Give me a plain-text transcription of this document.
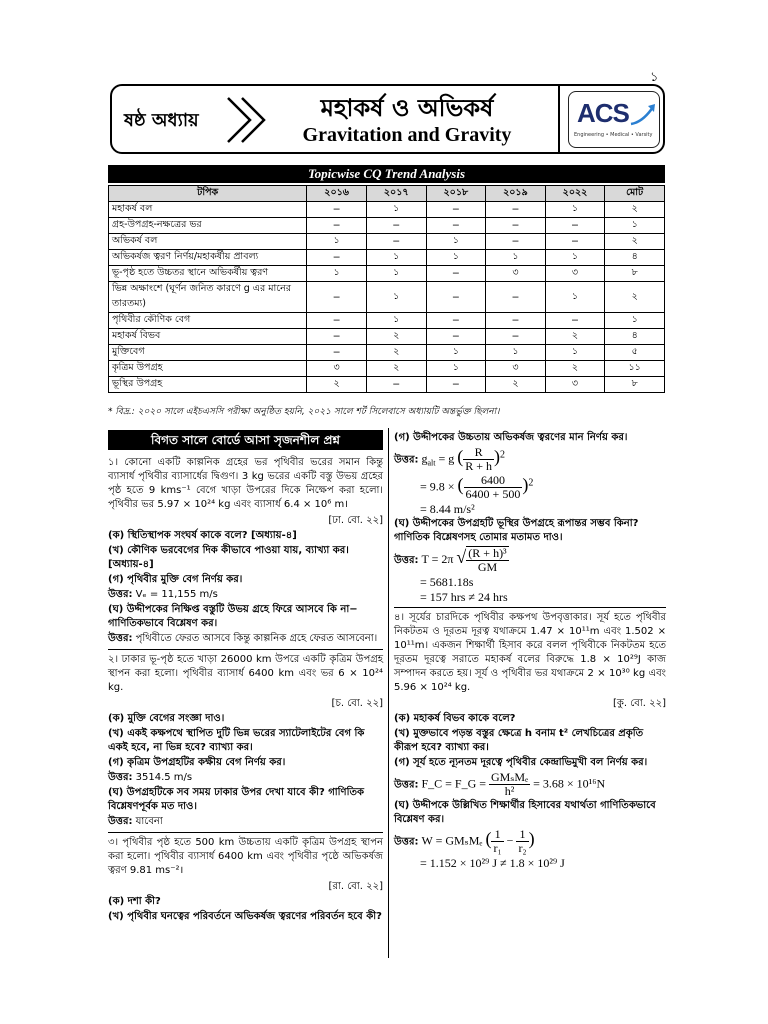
১
ষষ্ঠ অধ্যায়	মহাকর্ষ ও অভিকর্ষ
Gravitation and Gravity
ACS
Engineering • Medical • Varsity
Topicwise CQ Trend Analysis
টপিক	২০১৬	২০১৭	২০১৮	২০১৯	২০২২	মোট
মহাকর্ষ বল	−	১	−	−	১	২
গ্রহ-উপগ্রহ-নক্ষত্রের ভর	−	−	−	−	−	১
অভিকর্ষ বল	১	−	১	−	−	২
অভিকর্ষজ ত্বরণ নির্ণয়/মহাকর্ষীয় প্রাবল্য	−	১	১	১	১	৪
ভূ-পৃষ্ঠ হতে উচ্চতর স্থানে অভিকর্ষীয় ত্বরণ	১	১	−	৩	৩	৮
ভিন্ন অক্ষাংশে (ঘূর্ণন জনিত কারণে g এর মানের তারতম্য)	−	১	−	−	১	২
পৃথিবীর কৌণিক বেগ	−	১	−	−	−	১
মহাকর্ষ বিভব	−	২	−	−	২	৪
মুক্তিবেগ	−	২	১	১	১	৫
কৃত্রিম উপগ্রহ	৩	২	১	৩	২	১১
ভূস্থির উপগ্রহ	২	−	−	২	৩	৮
* বিদ্র.: ২০২০ সালে এইচএসসি পরীক্ষা অনুষ্ঠিত হয়নি, ২০২১ সালে শর্ট সিলেবাসে অধ্যায়টি অন্তর্ভুক্ত ছিলনা।
বিগত সালে বোর্ডে আসা সৃজনশীল প্রশ্ন
১। কোনো একটি কাল্পনিক গ্রহের ভর পৃথিবীর ভরের সমান কিন্তু ব্যাসার্ধ পৃথিবীর ব্যাসার্ধের দ্বিগুণ। 3 kg ভরের একটি বস্তু উভয় গ্রহের পৃষ্ঠ হতে 9 kms⁻¹ বেগে খাড়া উপরের দিকে নিক্ষেপ করা হলো। পৃথিবীর ভর 5.97 × 10²⁴ kg এবং ব্যাসার্ধ 6.4 × 10⁶ m।
[ঢা. বো. ২২]
(ক) স্থিতিস্থাপক সংঘর্ষ কাকে বলে? [অধ্যায়-৪]
(খ) কৌণিক ভরবেগের দিক কীভাবে পাওয়া যায়, ব্যাখ্যা কর। [অধ্যায়-৪]
(গ) পৃথিবীর মুক্তি বেগ নির্ণয় কর।
উত্তর: Vₑ = 11,155 m/s
(ঘ) উদ্দীপকের নিক্ষিপ্ত বস্তুটি উভয় গ্রহে ফিরে আসবে কি না− গাণিতিকভাবে বিশ্লেষণ কর।
উত্তর: পৃথিবীতে ফেরত আসবে কিন্তু কাল্পনিক গ্রহে ফেরত আসবেনা।
২। ঢাকার ভূ-পৃষ্ঠ হতে খাড়া 26000 km উপরে একটি কৃত্রিম উপগ্রহ স্থাপন করা হলো। পৃথিবীর ব্যাসার্ধ 6400 km এবং ভর 6 × 10²⁴ kg.
[চ. বো. ২২]
(ক) মুক্তি বেগের সংজ্ঞা দাও।
(খ) একই কক্ষপথে স্থাপিত দুটি ভিন্ন ভরের স্যাটেলাইটের বেগ কি একই হবে, না ভিন্ন হবে? ব্যাখ্যা কর।
(গ) কৃত্রিম উপগ্রহটির কক্ষীয় বেগ নির্ণয় কর।
উত্তর: 3514.5 m/s
(ঘ) উপগ্রহটিকে সব সময় ঢাকার উপর দেখা যাবে কী? গাণিতিক বিশ্লেষণপূর্বক মত দাও।
উত্তর: যাবেনা
৩। পৃথিবীর পৃষ্ঠ হতে 500 km উচ্চতায় একটি কৃত্রিম উপগ্রহ স্থাপন করা হলো। পৃথিবীর ব্যাসার্ধ 6400 km এবং পৃথিবীর পৃষ্ঠে অভিকর্ষজ ত্বরণ 9.81 ms⁻²।
[রা. বো. ২২]
(ক) দশা কী?
(খ) পৃথিবীর ঘনত্বের পরিবর্তনে অভিকর্ষজ ত্বরণের পরিবর্তন হবে কী?
(গ) উদ্দীপকের উচ্চতায় অভিকর্ষজ ত্বরণের মান নির্ণয় কর।
উত্তর: $g_{alt} = g$ ( $\frac{R}{R + h} )^2$
= 9.8 × ( $\frac{6400}{6400 + 500} )^2$
= 8.44 m/s²
(ঘ) উদ্দীপকের উপগ্রহটি ভূস্থির উপগ্রহে রূপান্তর সম্ভব কিনা? গাণিতিক বিশ্লেষণসহ তোমার মতামত দাও।
উত্তর: T = 2π √ $\frac{\text{(R + h)³}}{GM}$
= 5681.18s
= 157 hrs ≠ 24 hrs
৪। সূর্যের চারদিকে পৃথিবীর কক্ষপথ উপবৃত্তাকার। সূর্য হতে পৃথিবীর নিকটতম ও দূরতম দূরত্ব যথাক্রমে 1.47 × 10¹¹m এবং 1.502 × 10¹¹m। একজন শিক্ষার্থী হিসাব করে বলল পৃথিবীকে নিকটতম হতে দূরতম দূরত্বে সরাতে মহাকর্ষ বলের বিরুদ্ধে 1.8 × 10²⁹J কাজ সম্পাদন করতে হয়। সূর্য ও পৃথিবীর ভর যথাক্রমে 2 × 10³⁰ kg এবং 5.96 × 10²⁴ kg.
[কু. বো. ২২]
(ক) মহাকর্ষ বিভব কাকে বলে?
(খ) মুক্তভাবে পড়ন্ত বস্তুর ক্ষেত্রে h বনাম t² লেখচিত্রের প্রকৃতি কীরূপ হবে? ব্যাখ্যা কর।
(গ) সূর্য হতে ন্যূনতম দূরত্বে পৃথিবীর কেন্দ্রাভিমুখী বল নির্ণয় কর।
উত্তর: F_C = F_G = $\frac{\text{GMₛMₑ}}{\text{h²}} = 3.68 \times 10^{16}N$
(ঘ) উদ্দীপকে উল্লিখিত শিক্ষার্থীর হিসাবের যথার্থতা গাণিতিকভাবে বিশ্লেষণ কর।
উত্তর: W = GMₛMₑ ( $\frac{1}{\text{r₁}} - \frac{1}{\text{r₂}}$ )
= 1.152 × 10²⁹ J ≠ 1.8 × 10²⁹ J
